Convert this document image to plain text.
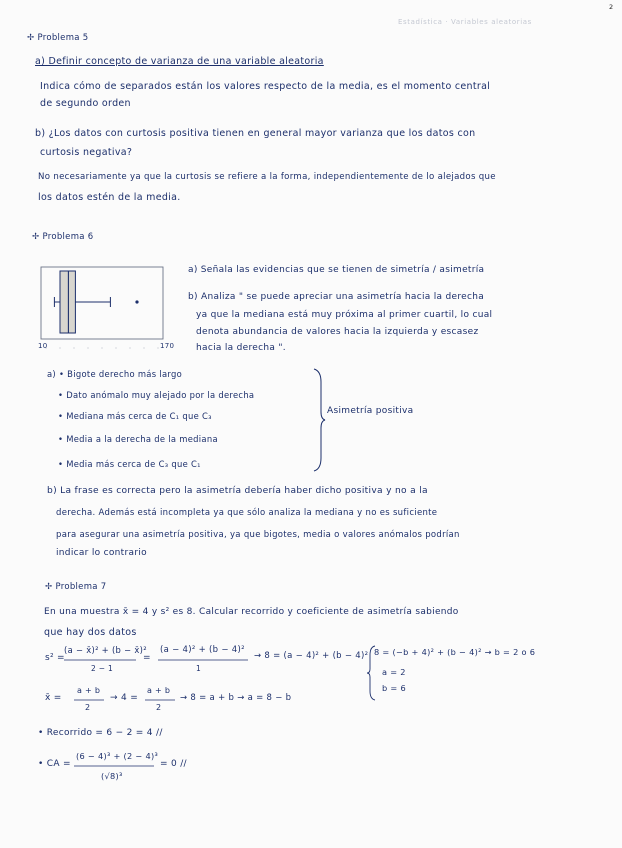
2
Estadística · Variables aleatorias
✢ Problema 5
a) Definir concepto de varianza de una variable aleatoria
Indica cómo de separados están los valores respecto de la media, es el momento central
de segundo orden
b) ¿Los datos con curtosis positiva tienen en general mayor varianza que los datos con
curtosis negativa?
No necesariamente ya que la curtosis se refiere a la forma, independientemente de lo alejados que
los datos estén de la media.
✢ Problema 6
10	170
a) Señala las evidencias que se tienen de simetría / asimetría
b) Analiza " se puede apreciar una asimetría hacia la derecha
ya que la mediana está muy próxima al primer cuartil, lo cual
denota abundancia de valores hacia la izquierda y escasez
hacia la derecha ".
a) • Bigote derecho más largo
• Dato anómalo muy alejado por la derecha
• Mediana más cerca de C₁ que C₃
• Media a la derecha de la mediana
• Media más cerca de C₃ que C₁
Asimetría positiva
b) La frase es correcta pero la asimetría debería haber dicho positiva y no a la
derecha. Además está incompleta ya que sólo analiza la mediana y no es suficiente
para asegurar una asimetría positiva, ya que bigotes, media o valores anómalos podrían
indicar lo contrario
✢ Problema 7
En una muestra x̄ = 4 y s² es 8. Calcular recorrido y coeficiente de asimetría sabiendo
que hay dos datos
s² =
(a − x̄)² + (b − x̄)²
2 − 1
=
(a − 4)² + (b − 4)²
1
→ 8 = (a − 4)² + (b − 4)² 8 = (−b + 4)² + (b − 4)² → b = 2 o 6
a = 2
b = 6
x̄ =
a + b
2
→ 4 =
a + b
2
→ 8 = a + b → a = 8 − b
• Recorrido = 6 − 2 = 4 //
• CA =
(6 − 4)³ + (2 − 4)³
(√8)³
= 0 //
